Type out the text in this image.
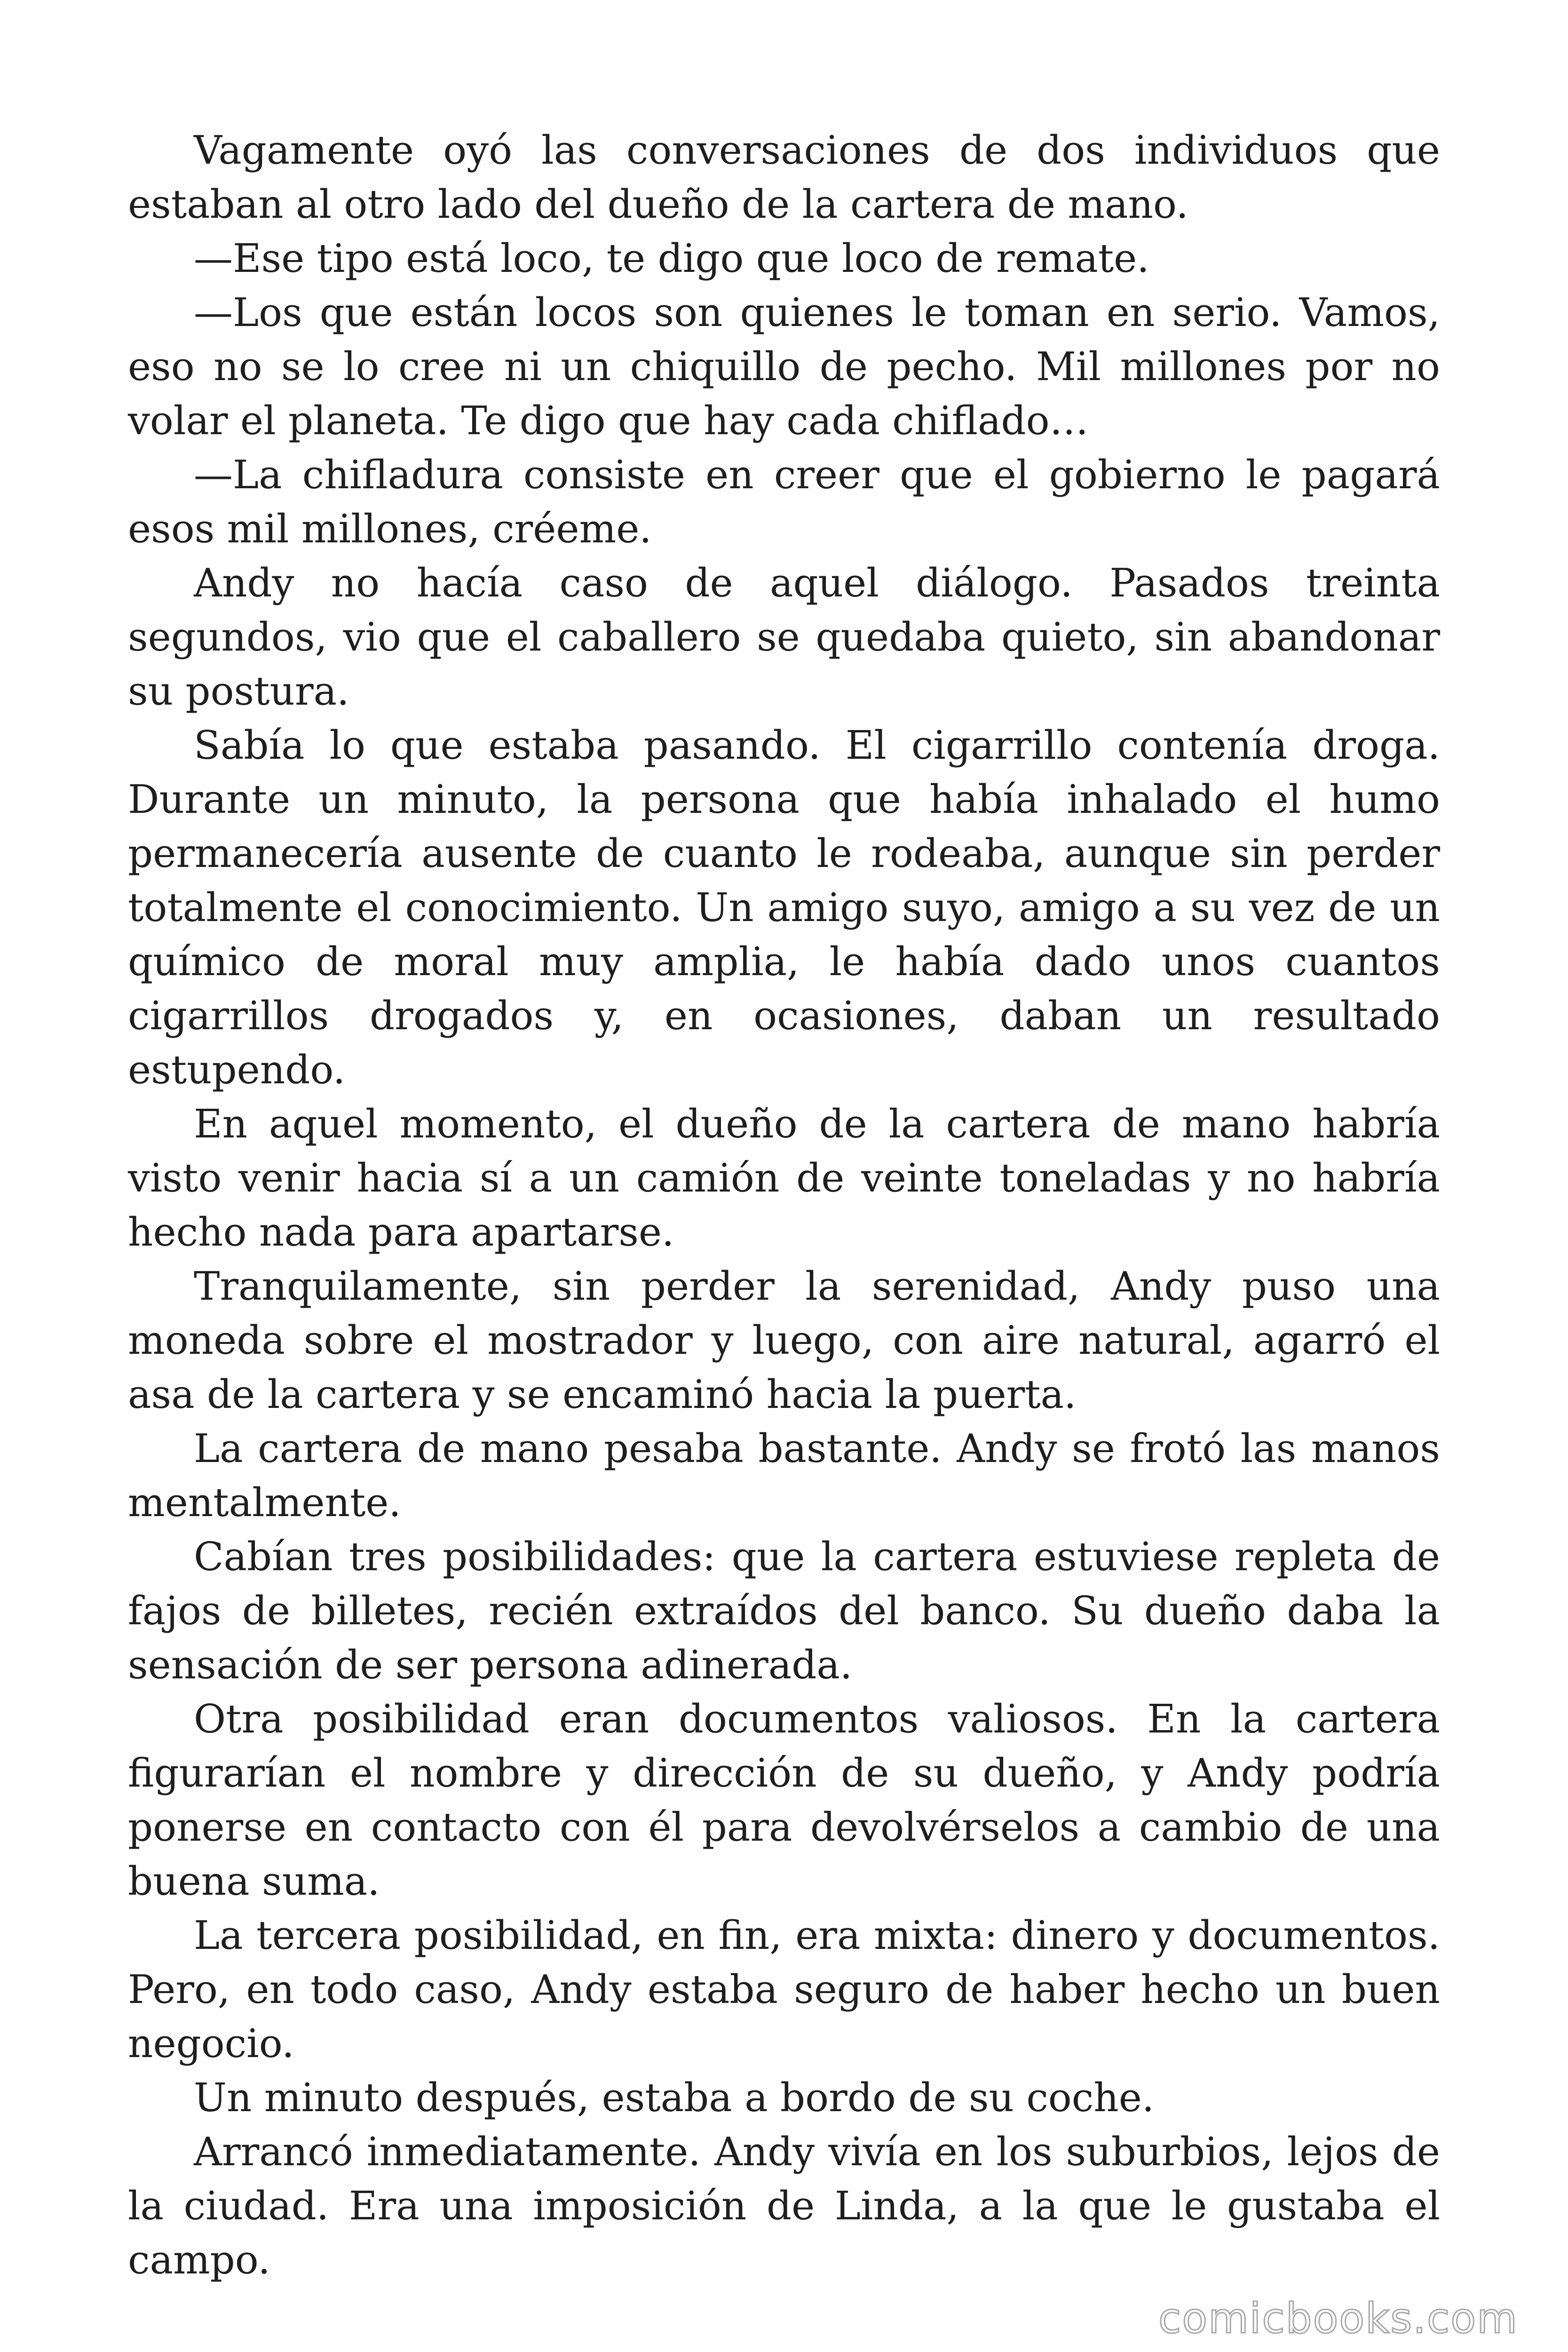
Vagamente oyó las conversaciones de dos individuos que estaban al otro lado del dueño de la cartera de mano.

—Ese tipo está loco, te digo que loco de remate.

—Los que están locos son quienes le toman en serio. Vamos, eso no se lo cree ni un chiquillo de pecho. Mil millones por no volar el planeta. Te digo que hay cada chiflado…

—La chifladura consiste en creer que el gobierno le pagará esos mil millones, créeme.

Andy no hacía caso de aquel diálogo. Pasados treinta segundos, vio que el caballero se quedaba quieto, sin abandonar su postura.

Sabía lo que estaba pasando. El cigarrillo contenía droga. Durante un minuto, la persona que había inhalado el humo permanecería ausente de cuanto le rodeaba, aunque sin perder totalmente el conocimiento. Un amigo suyo, amigo a su vez de un químico de moral muy amplia, le había dado unos cuantos cigarrillos drogados y, en ocasiones, daban un resultado estupendo.

En aquel momento, el dueño de la cartera de mano habría visto venir hacia sí a un camión de veinte toneladas y no habría hecho nada para apartarse.

Tranquilamente, sin perder la serenidad, Andy puso una moneda sobre el mostrador y luego, con aire natural, agarró el asa de la cartera y se encaminó hacia la puerta.

La cartera de mano pesaba bastante. Andy se frotó las manos mentalmente.

Cabían tres posibilidades: que la cartera estuviese repleta de fajos de billetes, recién extraídos del banco. Su dueño daba la sensación de ser persona adinerada.

Otra posibilidad eran documentos valiosos. En la cartera figurarían el nombre y dirección de su dueño, y Andy podría ponerse en contacto con él para devolvérselos a cambio de una buena suma.

La tercera posibilidad, en fin, era mixta: dinero y documentos. Pero, en todo caso, Andy estaba seguro de haber hecho un buen negocio.

Un minuto después, estaba a bordo de su coche.

Arrancó inmediatamente. Andy vivía en los suburbios, lejos de la ciudad. Era una imposición de Linda, a la que le gustaba el campo.

comicbooks.com
